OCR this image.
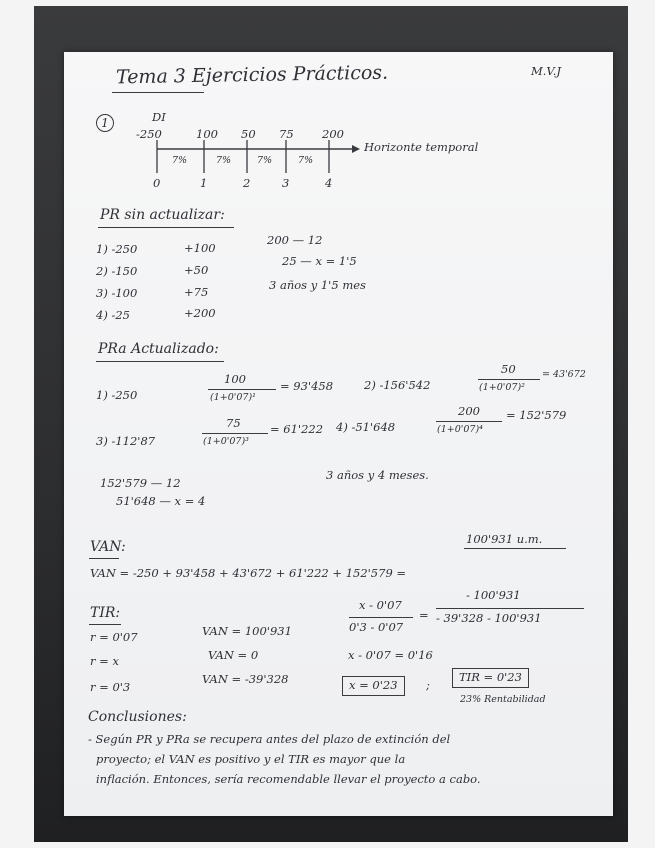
Tema 3 Ejercicios Prácticos.	M.V.J
1	DI
-250	100 50 75 200
7%	7%	7%	7%
Horizonte temporal
0	1	2	3	4
PR sin actualizar:
1) -250	+100
2) -150	+50
3) -100	+75
4) -25	+200
200 — 12
25 — x = 1'5
3 años y 1'5 mes
PRa Actualizado:
1) -250
100
(1+0'07)¹
= 93'458	2) -156'542
50
(1+0'07)²
= 43'672
3) -112'87
75
(1+0'07)³
= 61'222 4) -51'648
200
(1+0'07)⁴
= 152'579
152'579 — 12
51'648 — x = 4
3 años y 4 meses.
VAN:
VAN = -250 + 93'458 + 43'672 + 61'222 + 152'579 =
100'931 u.m.
TIR:
r = 0'07	VAN = 100'931
r = x	VAN = 0
r = 0'3
VAN = -39'328
x - 0'07
0'3 - 0'07
=
- 100'931
- 39'328 - 100'931
x - 0'07 = 0'16
x = 0'23	;
TIR = 0'23
23% Rentabilidad
Conclusiones:
- Según PR y PRa se recupera antes del plazo de extinción del
proyecto; el VAN es positivo y el TIR es mayor que la
inflación. Entonces, sería recomendable llevar el proyecto a cabo.
